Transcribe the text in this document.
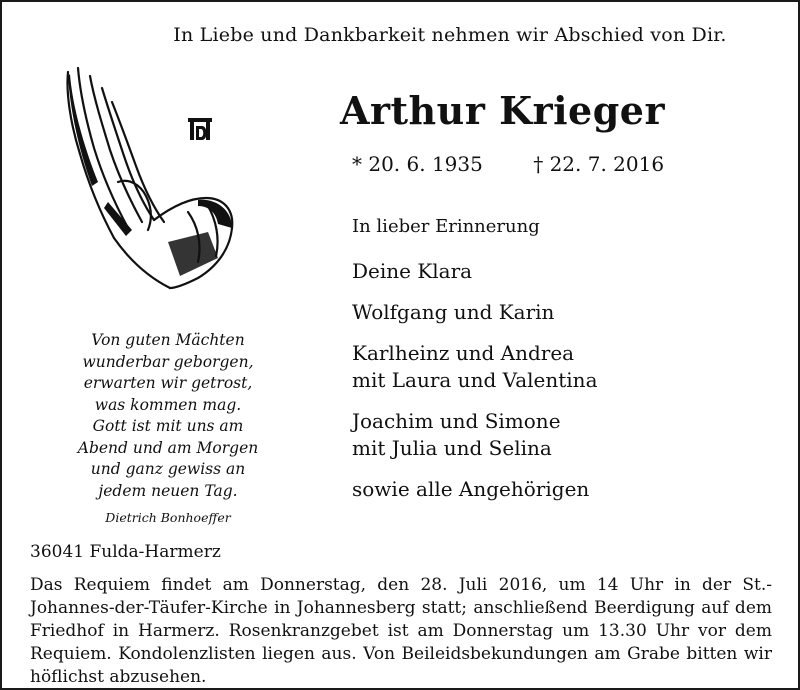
In Liebe und Dankbarkeit nehmen wir Abschied von Dir.
Arthur Krieger
* 20. 6. 1935	† 22. 7. 2016
In lieber Erinnerung
Deine Klara
Wolfgang und Karin
Karlheinz und Andrea
mit Laura und Valentina
Joachim und Simone
mit Julia und Selina
sowie alle Angehörigen
Von guten Mächten
wunderbar geborgen,
erwarten wir getrost,
was kommen mag.
Gott ist mit uns am
Abend und am Morgen
und ganz gewiss an
jedem neuen Tag.
Dietrich Bonhoeffer
36041 Fulda-Harmerz
Das Requiem findet am Donnerstag, den 28. Juli 2016, um 14 Uhr in der St.-Johannes-der-Täufer-Kirche in Johannesberg statt; anschließend Beerdigung auf dem Friedhof in Harmerz. Rosenkranzgebet ist am Donnerstag um 13.30 Uhr vor dem Requiem. Kondolenzlisten liegen aus. Von Beileidsbekundungen am Grabe bitten wir höflichst abzusehen.
